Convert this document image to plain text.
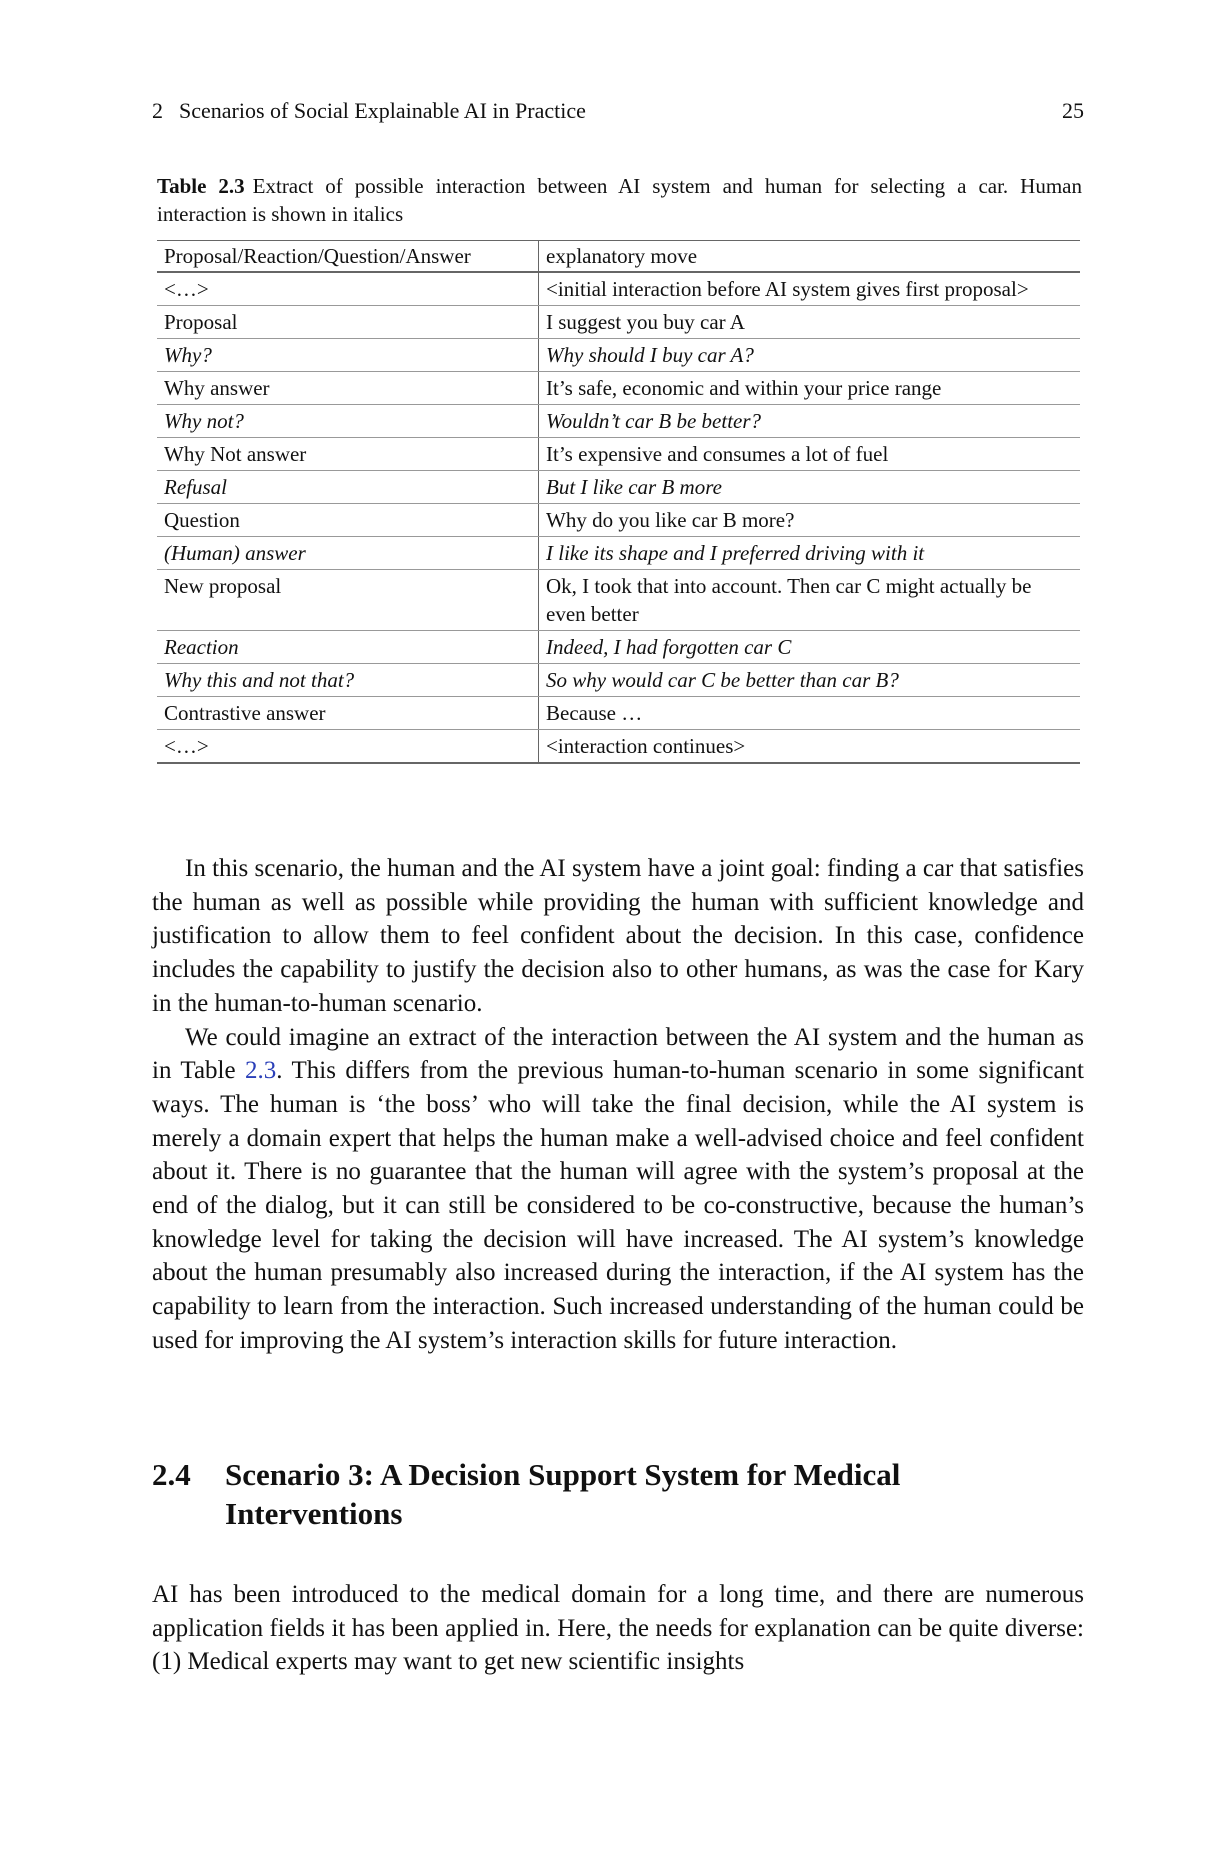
2 Scenarios of Social Explainable AI in Practice	25
Table 2.3 Extract of possible interaction between AI system and human for selecting a car. Human interaction is shown in italics
Proposal/Reaction/Question/Answer	explanatory move
<…>	<initial interaction before AI system gives first proposal>
Proposal	I suggest you buy car A
Why?	Why should I buy car A?
Why answer	It’s safe, economic and within your price range
Why not?	Wouldn’t car B be better?
Why Not answer	It’s expensive and consumes a lot of fuel
Refusal	But I like car B more
Question	Why do you like car B more?
(Human) answer	I like its shape and I preferred driving with it
New proposal	Ok, I took that into account. Then car C might actually be even better
Reaction	Indeed, I had forgotten car C
Why this and not that?	So why would car C be better than car B?
Contrastive answer	Because …
<…>	<interaction continues>

In this scenario, the human and the AI system have a joint goal: finding a car that satisfies the human as well as possible while providing the human with sufficient knowledge and justification to allow them to feel confident about the decision. In this case, confidence includes the capability to justify the decision also to other humans, as was the case for Kary in the human-to-human scenario.

We could imagine an extract of the interaction between the AI system and the human as in Table 2.3. This differs from the previous human-to-human scenario in some significant ways. The human is ‘the boss’ who will take the final decision, while the AI system is merely a domain expert that helps the human make a well-advised choice and feel confident about it. There is no guarantee that the human will agree with the system’s proposal at the end of the dialog, but it can still be considered to be co-constructive, because the human’s knowledge level for taking the decision will have increased. The AI system’s knowledge about the human presumably also increased during the interaction, if the AI system has the capability to learn from the interaction. Such increased understanding of the human could be used for improving the AI system’s interaction skills for future interaction.

2.4	Scenario 3: A Decision Support System for Medical Interventions

AI has been introduced to the medical domain for a long time, and there are numerous application fields it has been applied in. Here, the needs for explanation can be quite diverse: (1) Medical experts may want to get new scientific insights
